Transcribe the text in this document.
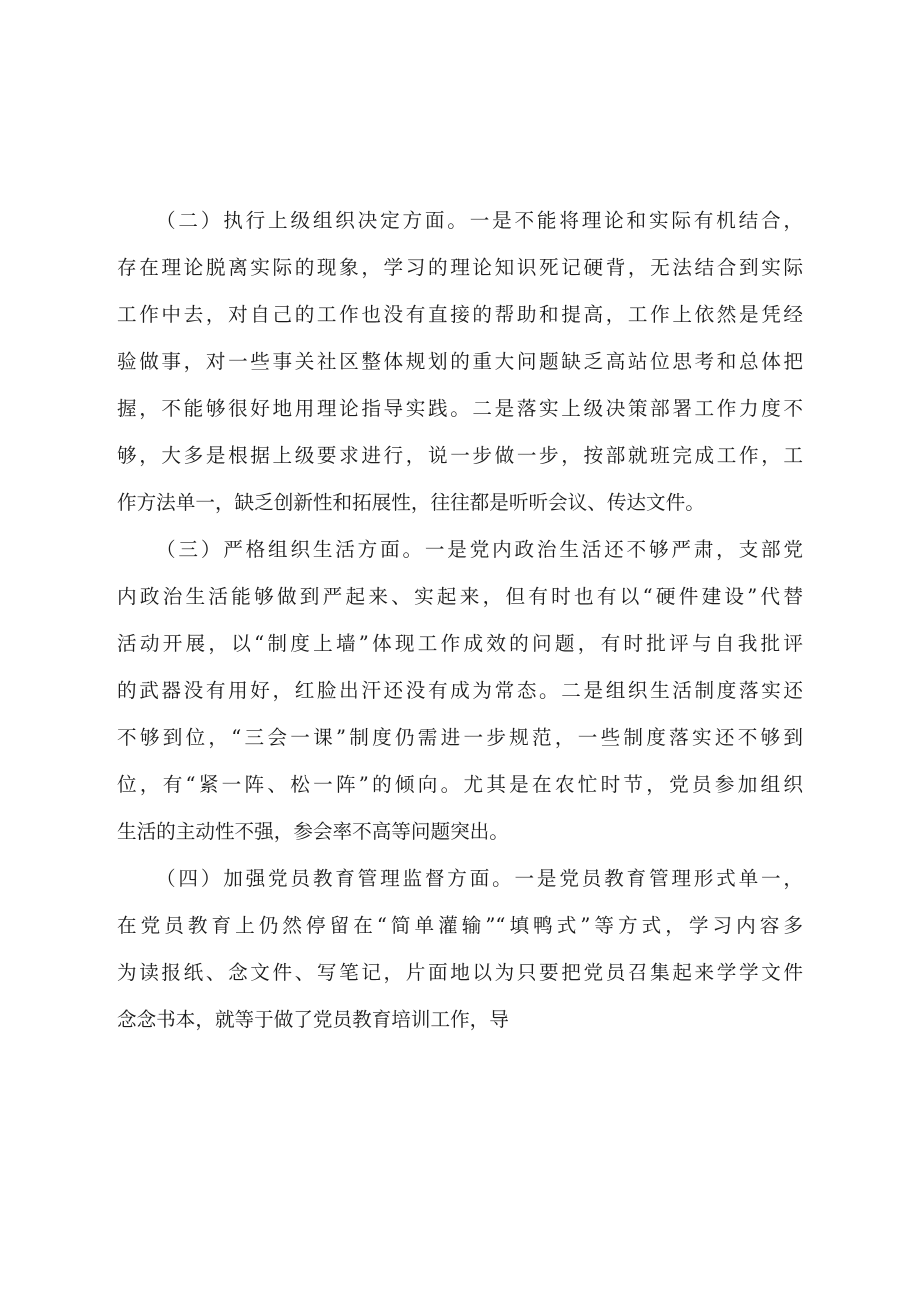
（二）执行上级组织决定方面。一是不能将理论和实际有机结合，
存在理论脱离实际的现象，学习的理论知识死记硬背，无法结合到实际
工作中去，对自己的工作也没有直接的帮助和提高，工作上依然是凭经
验做事，对一些事关社区整体规划的重大问题缺乏高站位思考和总体把
握，不能够很好地用理论指导实践。二是落实上级决策部署工作力度不
够，大多是根据上级要求进行，说一步做一步，按部就班完成工作，工
作方法单一，缺乏创新性和拓展性，往往都是听听会议、传达文件。
（三）严格组织生活方面。一是党内政治生活还不够严肃，支部党
内政治生活能够做到严起来、实起来，但有时也有以“硬件建设”代替
活动开展，以“制度上墙”体现工作成效的问题，有时批评与自我批评
的武器没有用好，红脸出汗还没有成为常态。二是组织生活制度落实还
不够到位，“三会一课”制度仍需进一步规范，一些制度落实还不够到
位，有“紧一阵、松一阵”的倾向。尤其是在农忙时节，党员参加组织
生活的主动性不强，参会率不高等问题突出。
（四）加强党员教育管理监督方面。一是党员教育管理形式单一，
在党员教育上仍然停留在“简单灌输”“填鸭式”等方式，学习内容多
为读报纸、念文件、写笔记，片面地以为只要把党员召集起来学学文件
念念书本，就等于做了党员教育培训工作，导
